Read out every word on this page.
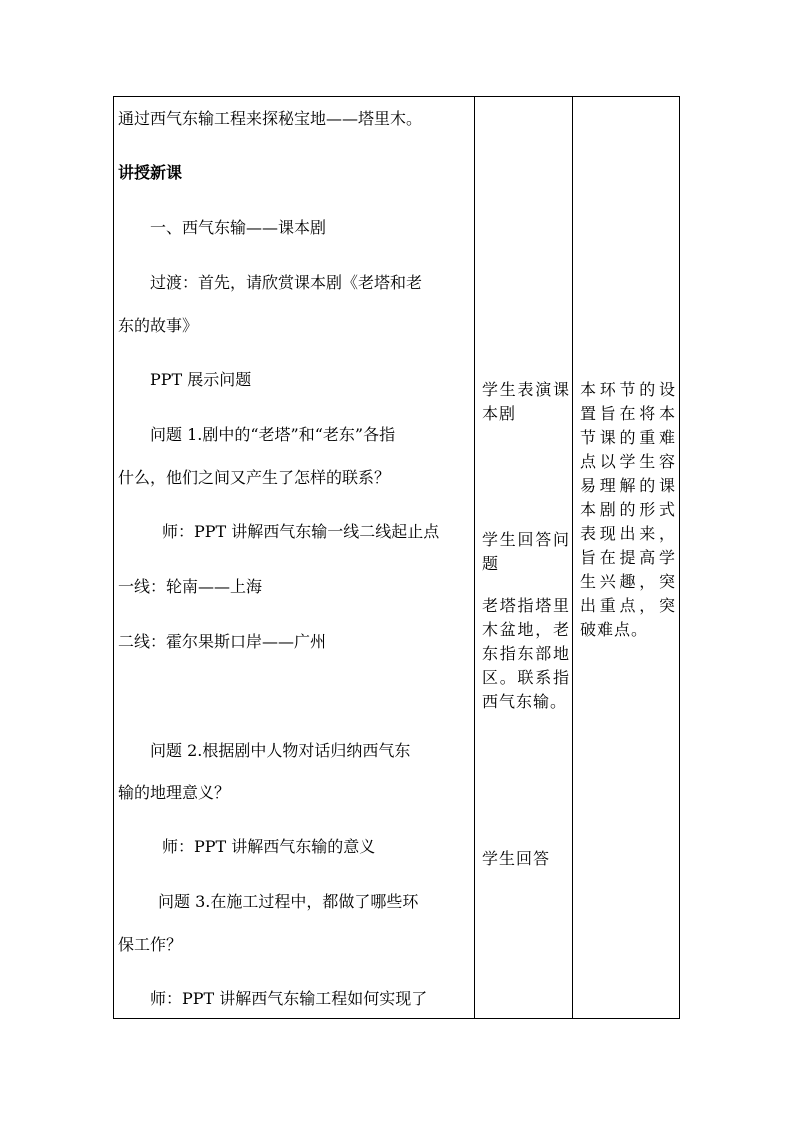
通过西气东输工程来探秘宝地——塔里木。
讲授新课
一、西气东输——课本剧
过渡：首先，请欣赏课本剧《老塔和老
东的故事》
PPT 展示问题
问题 1.剧中的“老塔”和“老东”各指
什么，他们之间又产生了怎样的联系？
师：PPT 讲解西气东输一线二线起止点
一线：轮南——上海
二线：霍尔果斯口岸——广州
问题 2.根据剧中人物对话归纳西气东
输的地理意义？
师：PPT 讲解西气东输的意义
问题 3.在施工过程中，都做了哪些环
保工作？
师：PPT 讲解西气东输工程如何实现了
学生表演课本剧
学生回答问题
老塔指塔里木盆地，老东指东部地区。联系指西气东输。
学生回答
本环节的设置旨在将本节课的重难点以学生容易理解的课本剧的形式表现出来，旨在提高学生兴趣，突出重点，突破难点。
